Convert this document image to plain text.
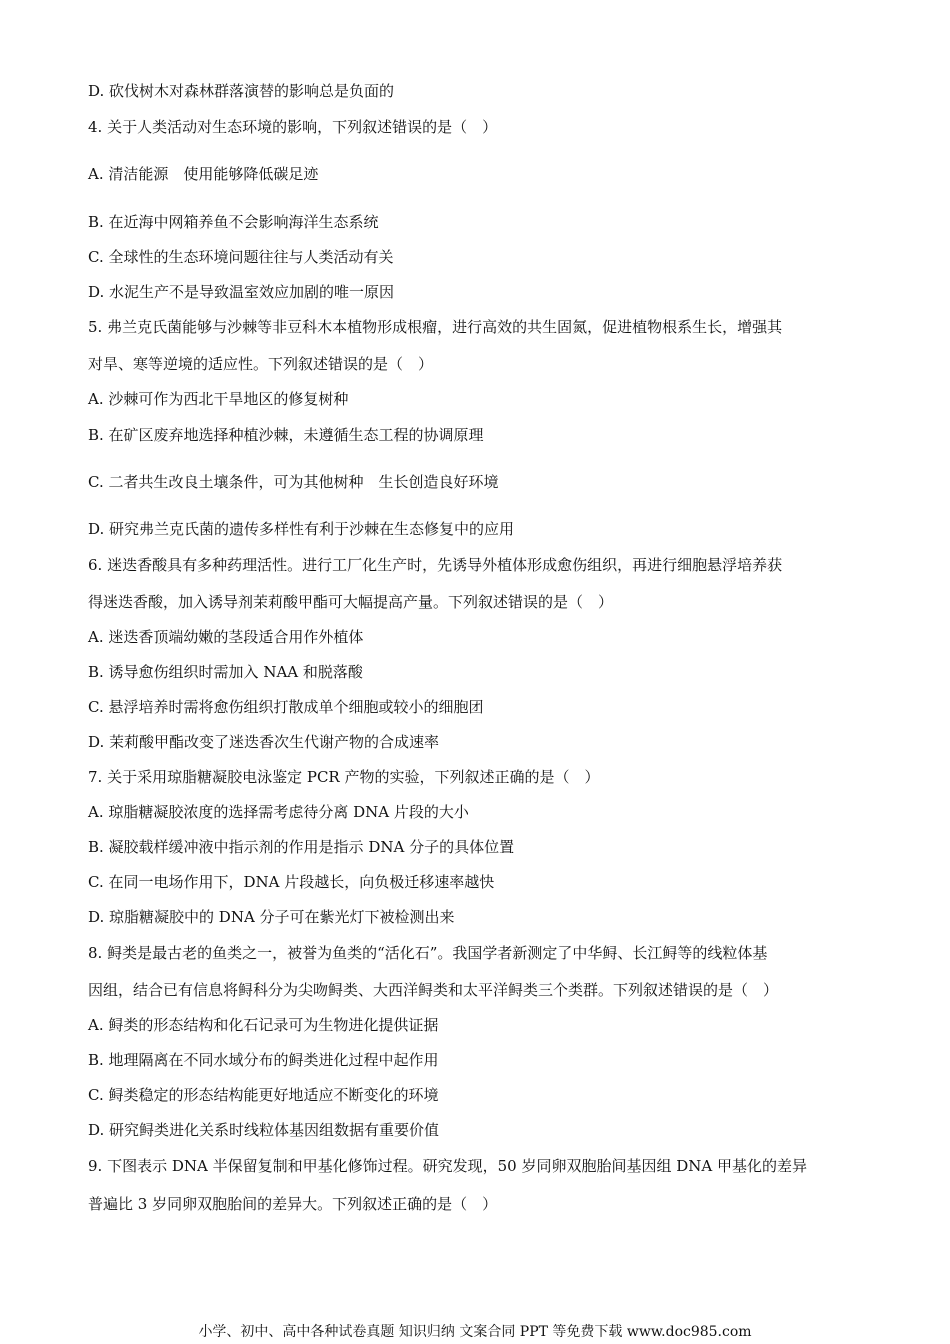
D. 砍伐树木对森林群落演替的影响总是负面的
4. 关于人类活动对生态环境的影响，下列叙述错误的是（　）
A. 清洁能源　使用能够降低碳足迹
B. 在近海中网箱养鱼不会影响海洋生态系统
C. 全球性的生态环境问题往往与人类活动有关
D. 水泥生产不是导致温室效应加剧的唯一原因
5. 弗兰克氏菌能够与沙棘等非豆科木本植物形成根瘤，进行高效的共生固氮，促进植物根系生长，增强其
对旱、寒等逆境的适应性。下列叙述错误的是（　）
A. 沙棘可作为西北干旱地区的修复树种
B. 在矿区废弃地选择种植沙棘，未遵循生态工程的协调原理
C. 二者共生改良土壤条件，可为其他树种　生长创造良好环境
D. 研究弗兰克氏菌的遗传多样性有利于沙棘在生态修复中的应用
6. 迷迭香酸具有多种药理活性。进行工厂化生产时，先诱导外植体形成愈伤组织，再进行细胞悬浮培养获
得迷迭香酸，加入诱导剂茉莉酸甲酯可大幅提高产量。下列叙述错误的是（　）
A. 迷迭香顶端幼嫩的茎段适合用作外植体
B. 诱导愈伤组织时需加入 NAA 和脱落酸
C. 悬浮培养时需将愈伤组织打散成单个细胞或较小的细胞团
D. 茉莉酸甲酯改变了迷迭香次生代谢产物的合成速率
7. 关于采用琼脂糖凝胶电泳鉴定 PCR 产物的实验，下列叙述正确的是（　）
A. 琼脂糖凝胶浓度的选择需考虑待分离 DNA 片段的大小
B. 凝胶载样缓冲液中指示剂的作用是指示 DNA 分子的具体位置
C. 在同一电场作用下，DNA 片段越长，向负极迁移速率越快
D. 琼脂糖凝胶中的 DNA 分子可在紫光灯下被检测出来
8. 鲟类是最古老的鱼类之一，被誉为鱼类的“活化石”。我国学者新测定了中华鲟、长江鲟等的线粒体基
因组，结合已有信息将鲟科分为尖吻鲟类、大西洋鲟类和太平洋鲟类三个类群。下列叙述错误的是（　）
A. 鲟类的形态结构和化石记录可为生物进化提供证据
B. 地理隔离在不同水域分布的鲟类进化过程中起作用
C. 鲟类稳定的形态结构能更好地适应不断变化的环境
D. 研究鲟类进化关系时线粒体基因组数据有重要价值
9. 下图表示 DNA 半保留复制和甲基化修饰过程。研究发现，50 岁同卵双胞胎间基因组 DNA 甲基化的差异
普遍比 3 岁同卵双胞胎间的差异大。下列叙述正确的是（　）
小学、初中、高中各种试卷真题 知识归纳 文案合同 PPT 等免费下载 www.doc985.com
